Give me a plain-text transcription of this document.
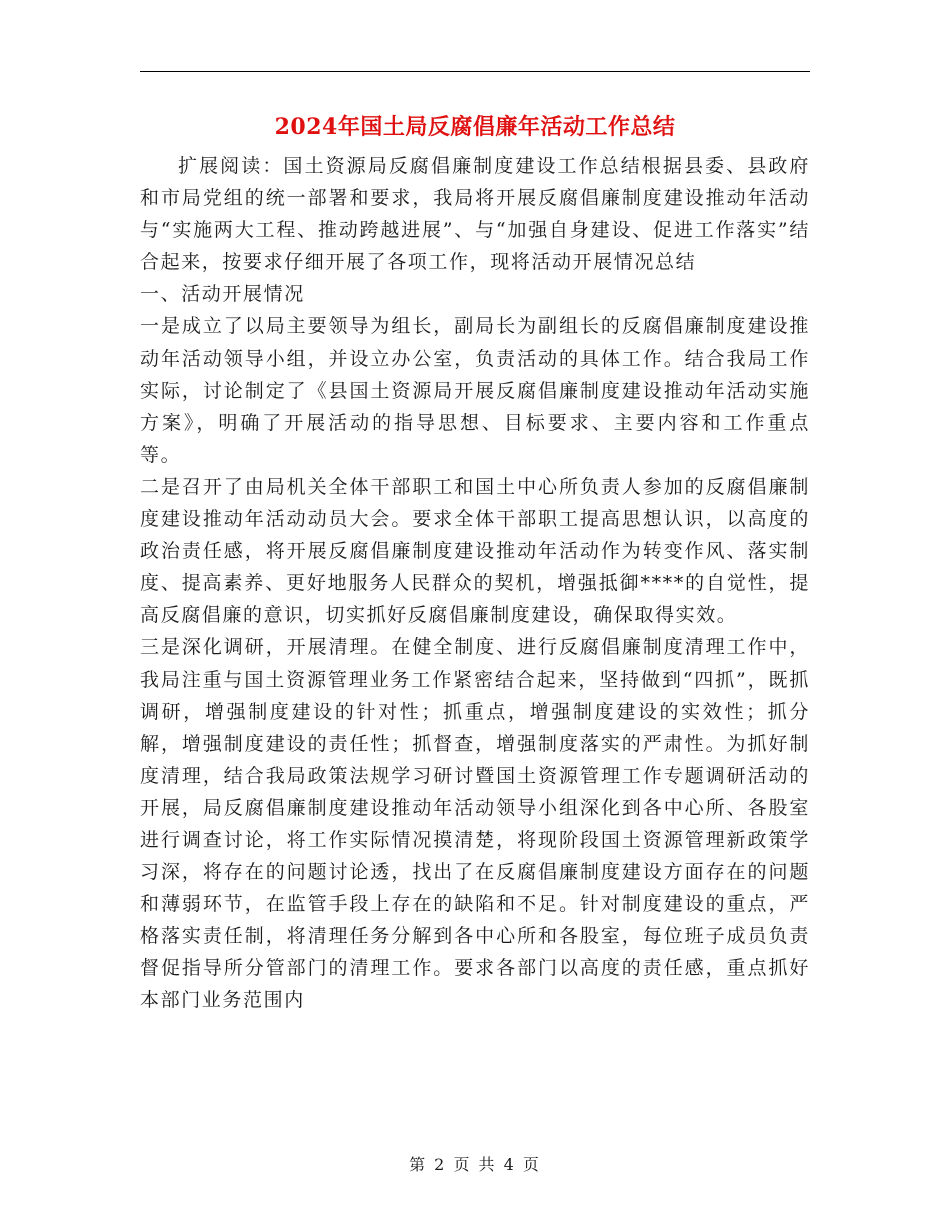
2024年国土局反腐倡廉年活动工作总结

扩展阅读：国土资源局反腐倡廉制度建设工作总结根据县委、县政府和市局党组的统一部署和要求，我局将开展反腐倡廉制度建设推动年活动与“实施两大工程、推动跨越进展”、与“加强自身建设、促进工作落实”结合起来，按要求仔细开展了各项工作，现将活动开展情况总结

一、活动开展情况

一是成立了以局主要领导为组长，副局长为副组长的反腐倡廉制度建设推动年活动领导小组，并设立办公室，负责活动的具体工作。结合我局工作实际，讨论制定了《县国土资源局开展反腐倡廉制度建设推动年活动实施方案》，明确了开展活动的指导思想、目标要求、主要内容和工作重点等。

二是召开了由局机关全体干部职工和国土中心所负责人参加的反腐倡廉制度建设推动年活动动员大会。要求全体干部职工提高思想认识，以高度的政治责任感，将开展反腐倡廉制度建设推动年活动作为转变作风、落实制度、提高素养、更好地服务人民群众的契机，增强抵御****的自觉性，提高反腐倡廉的意识，切实抓好反腐倡廉制度建设，确保取得实效。

三是深化调研，开展清理。在健全制度、进行反腐倡廉制度清理工作中，我局注重与国土资源管理业务工作紧密结合起来，坚持做到“四抓”，既抓调研，增强制度建设的针对性；抓重点，增强制度建设的实效性；抓分解，增强制度建设的责任性；抓督查，增强制度落实的严肃性。为抓好制度清理，结合我局政策法规学习研讨暨国土资源管理工作专题调研活动的开展，局反腐倡廉制度建设推动年活动领导小组深化到各中心所、各股室进行调查讨论，将工作实际情况摸清楚，将现阶段国土资源管理新政策学习深，将存在的问题讨论透，找出了在反腐倡廉制度建设方面存在的问题和薄弱环节，在监管手段上存在的缺陷和不足。针对制度建设的重点，严格落实责任制，将清理任务分解到各中心所和各股室，每位班子成员负责督促指导所分管部门的清理工作。要求各部门以高度的责任感，重点抓好本部门业务范围内

第 2 页 共 4 页
